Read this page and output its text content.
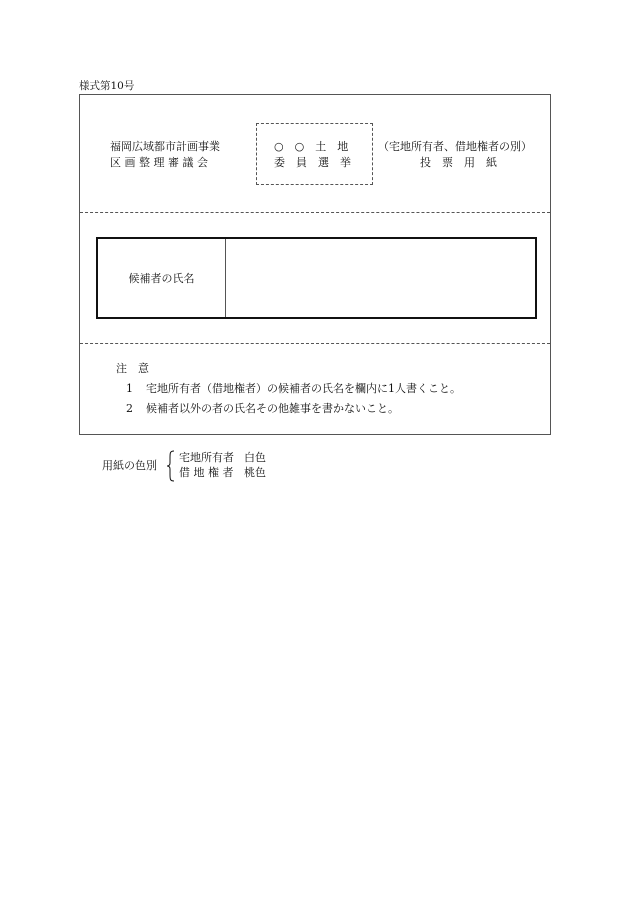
様式第10号
福岡広域都市計画事業
区 画 整 理 審 議 会
○　○　土　地
委　員　選　挙
（宅地所有者、借地権者の別）
投　票　用　紙
候補者の氏名
注　意
1 宅地所有者（借地権者）の候補者の氏名を欄内に1人書くこと。
2 候補者以外の者の氏名その他雑事を書かないこと。
用紙の色別
宅地所有者 白色
借 地 権 者 桃色
